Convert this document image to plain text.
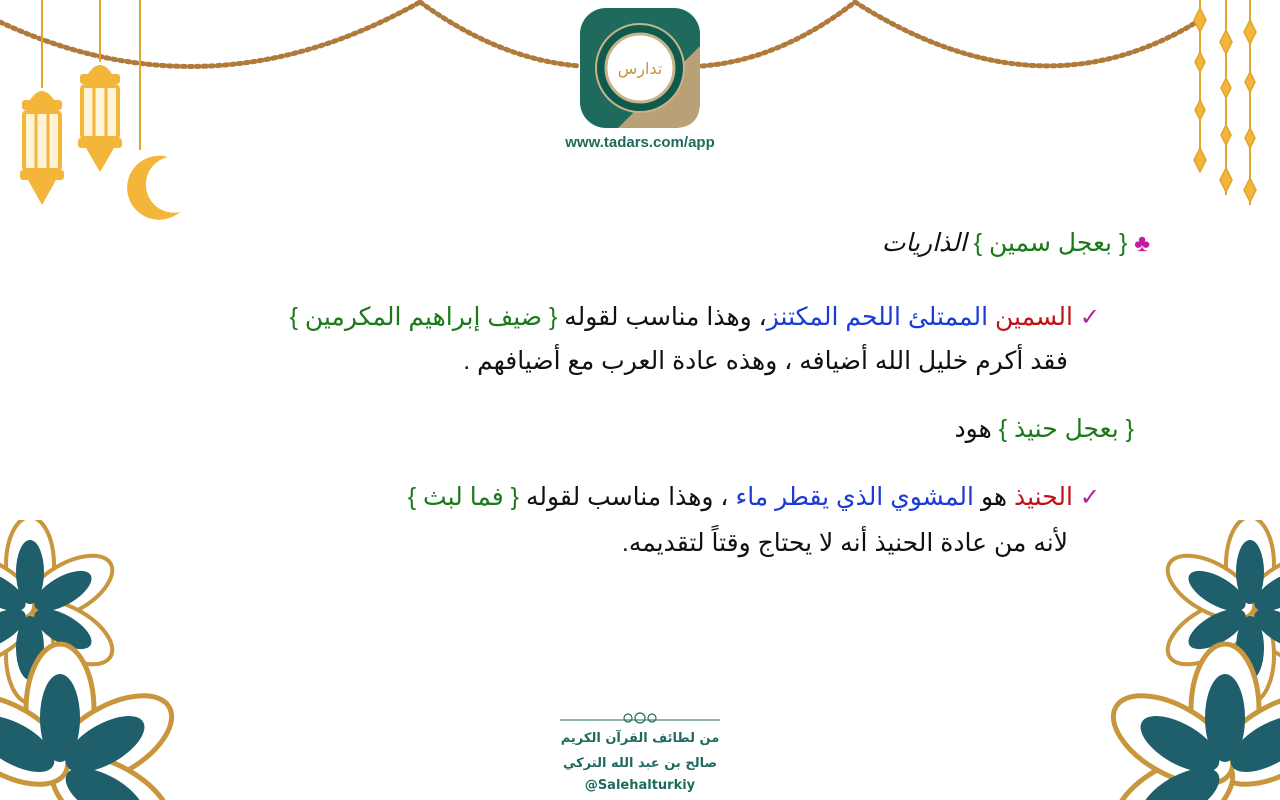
تدارس
www.tadars.com/app
♣ { بعجل سمين } الذاريات
✓ السمين الممتلئ اللحم المكتنز، وهذا مناسب لقوله { ضيف إبراهيم المكرمين }
فقد أكرم خليل الله أضيافه ، وهذه عادة العرب مع أضيافهم .
{ بعجل حنيذ } هود
✓ الحنيذ هو المشوي الذي يقطر ماء ، وهذا مناسب لقوله { فما لبث }
لأنه من عادة الحنيذ أنه لا يحتاج وقتاً لتقديمه.
من لطائف القرآن الكريم
صالح بن عبد الله التركي
@Salehalturkiy
